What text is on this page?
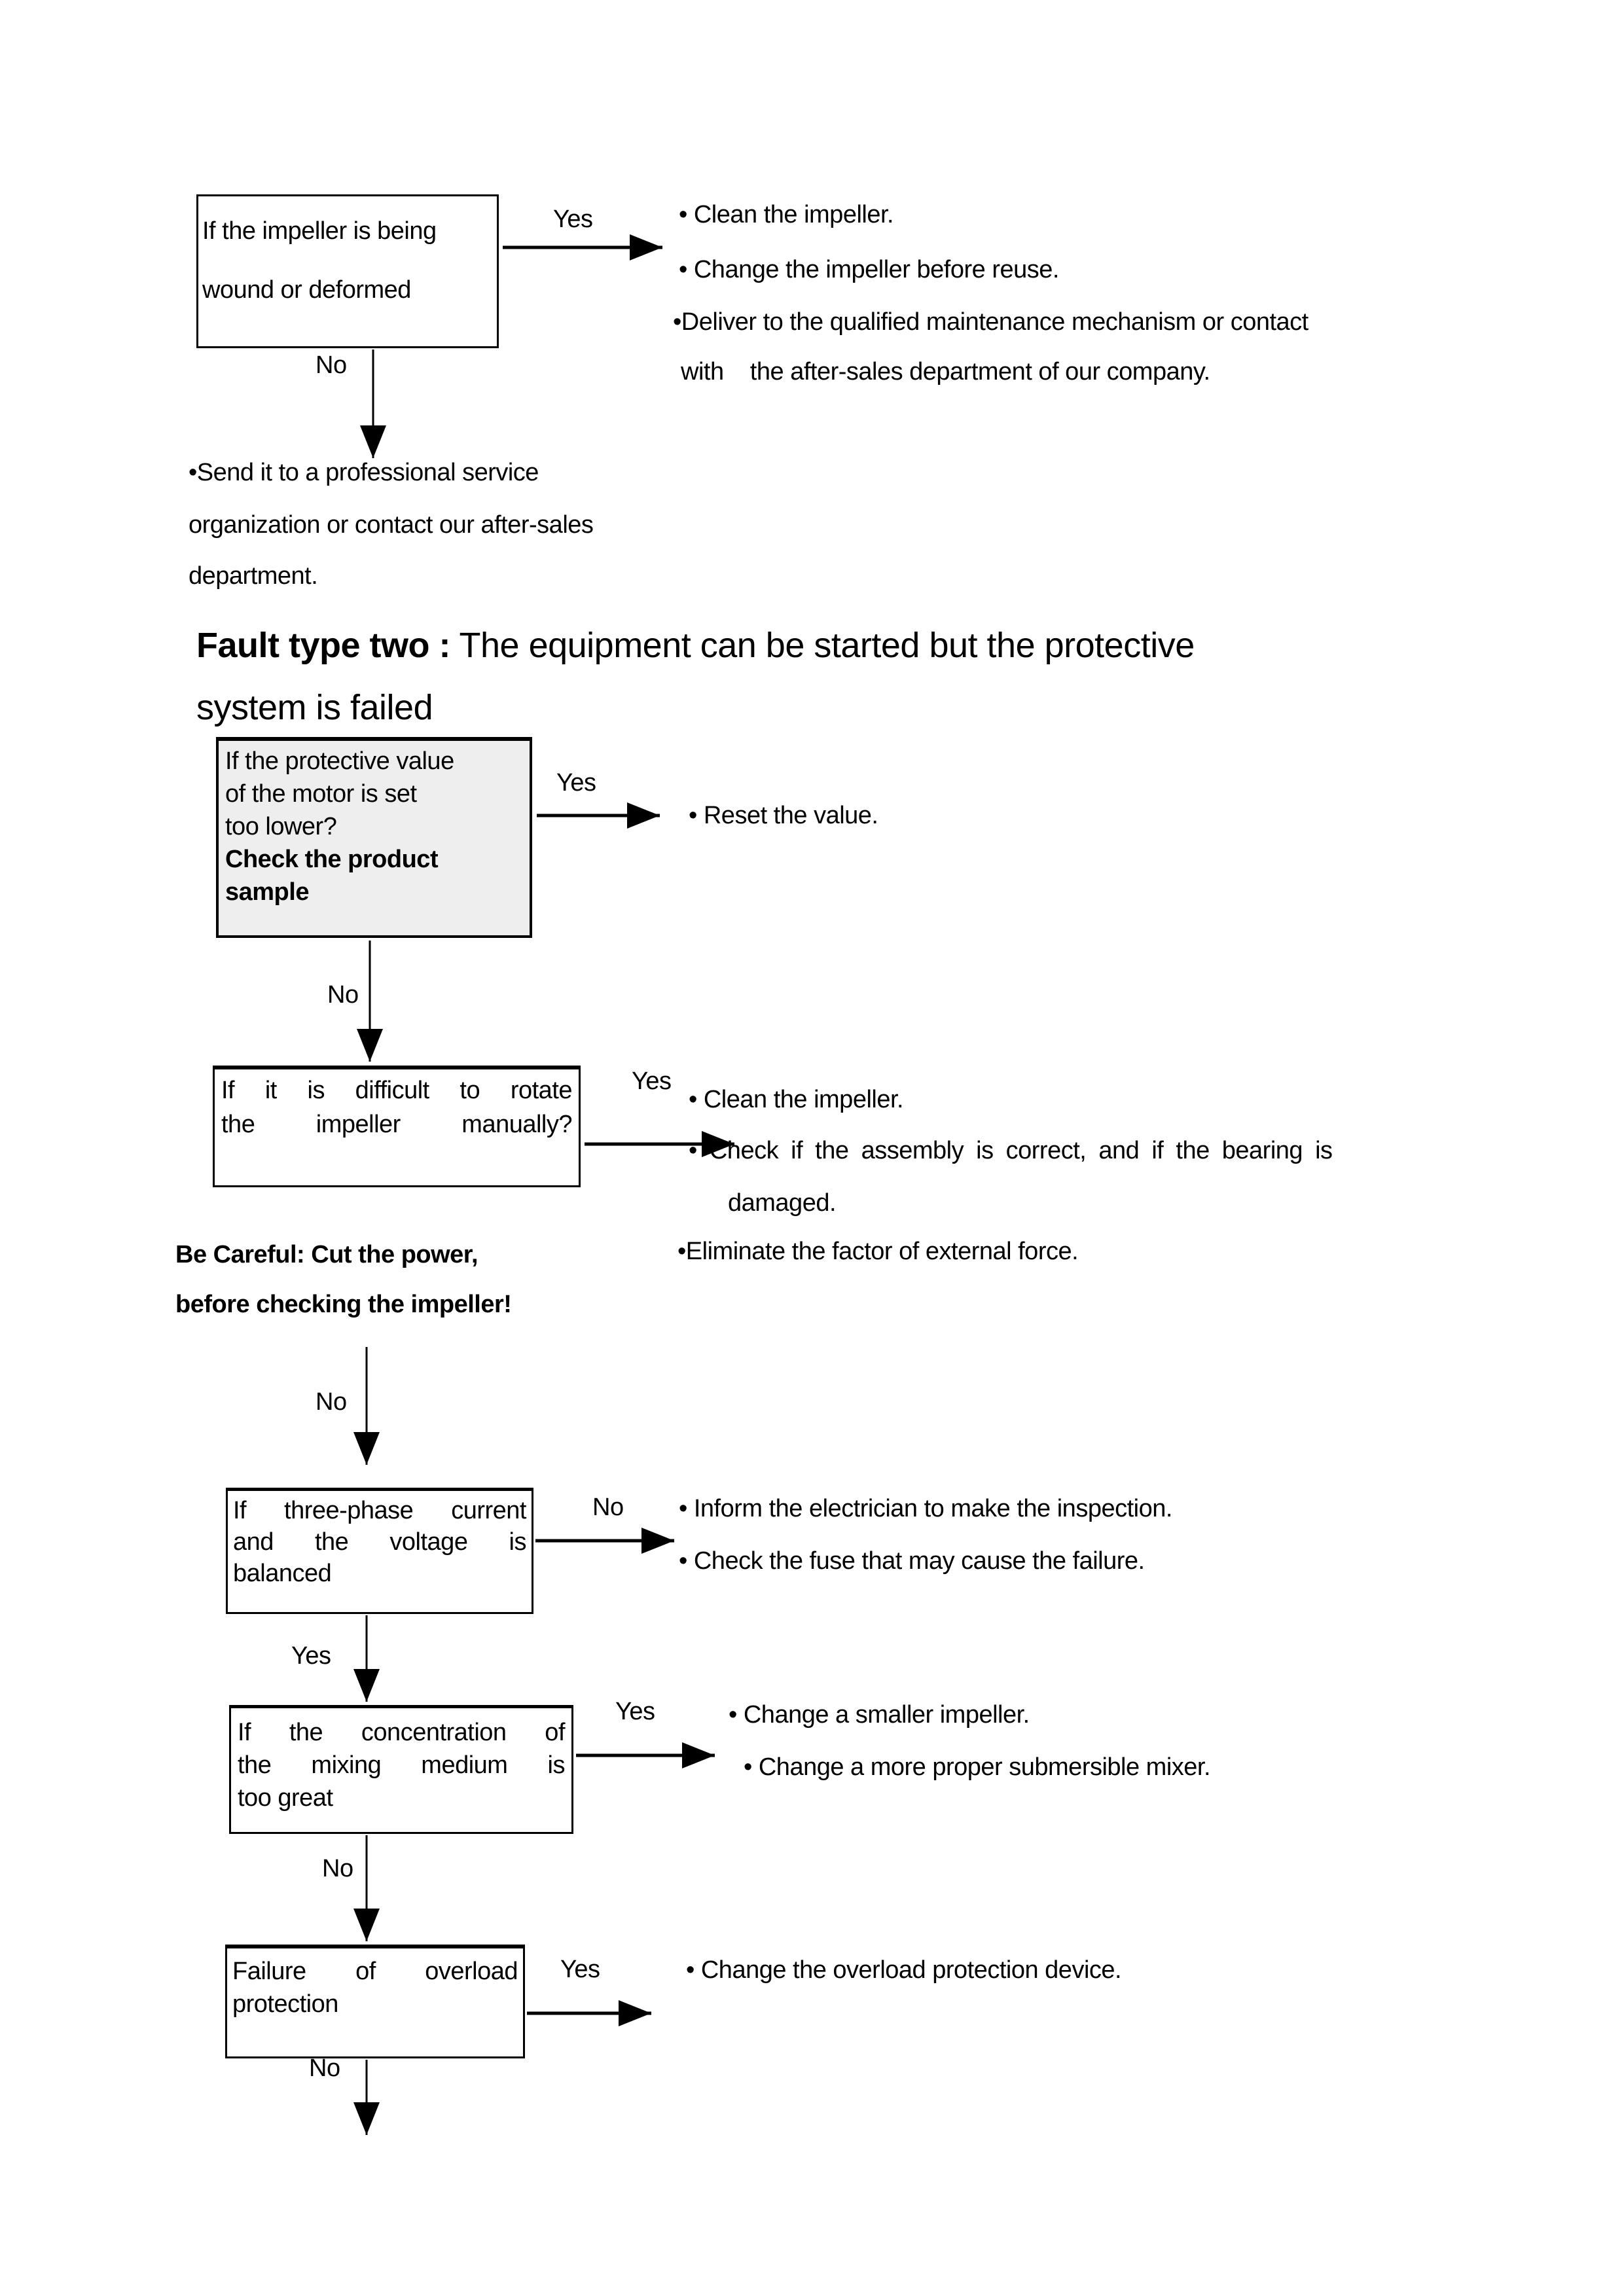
If the impeller is being
wound or deformed
Yes	• Clean the impeller.
• Change the impeller before reuse.
•Deliver to the qualified maintenance mechanism or contact
with    the after-sales department of our company.
No
•Send it to a professional service
organization or contact our after-sales
department.
Fault type two : The equipment can be started but the protective
system is failed
If the protective value
of the motor is set
too lower?
Check the product
sample
Yes
• Reset the value.
No
If it is difficult to rotate
the impeller manually?
Yes
• Clean the impeller.
• Check if the assembly is correct, and if the bearing is
damaged.
•Eliminate the factor of external force.
Be Careful: Cut the power,
before checking the impeller!
No
If three-phase current
and the voltage is
balanced
No • Inform the electrician to make the inspection.
• Check the fuse that may cause the failure.
Yes
If the concentration of
the mixing medium is
too great
Yes	• Change a smaller impeller.
• Change a more proper submersible mixer.
No
Failure of overload
protection
Yes	• Change the overload protection device.
No
